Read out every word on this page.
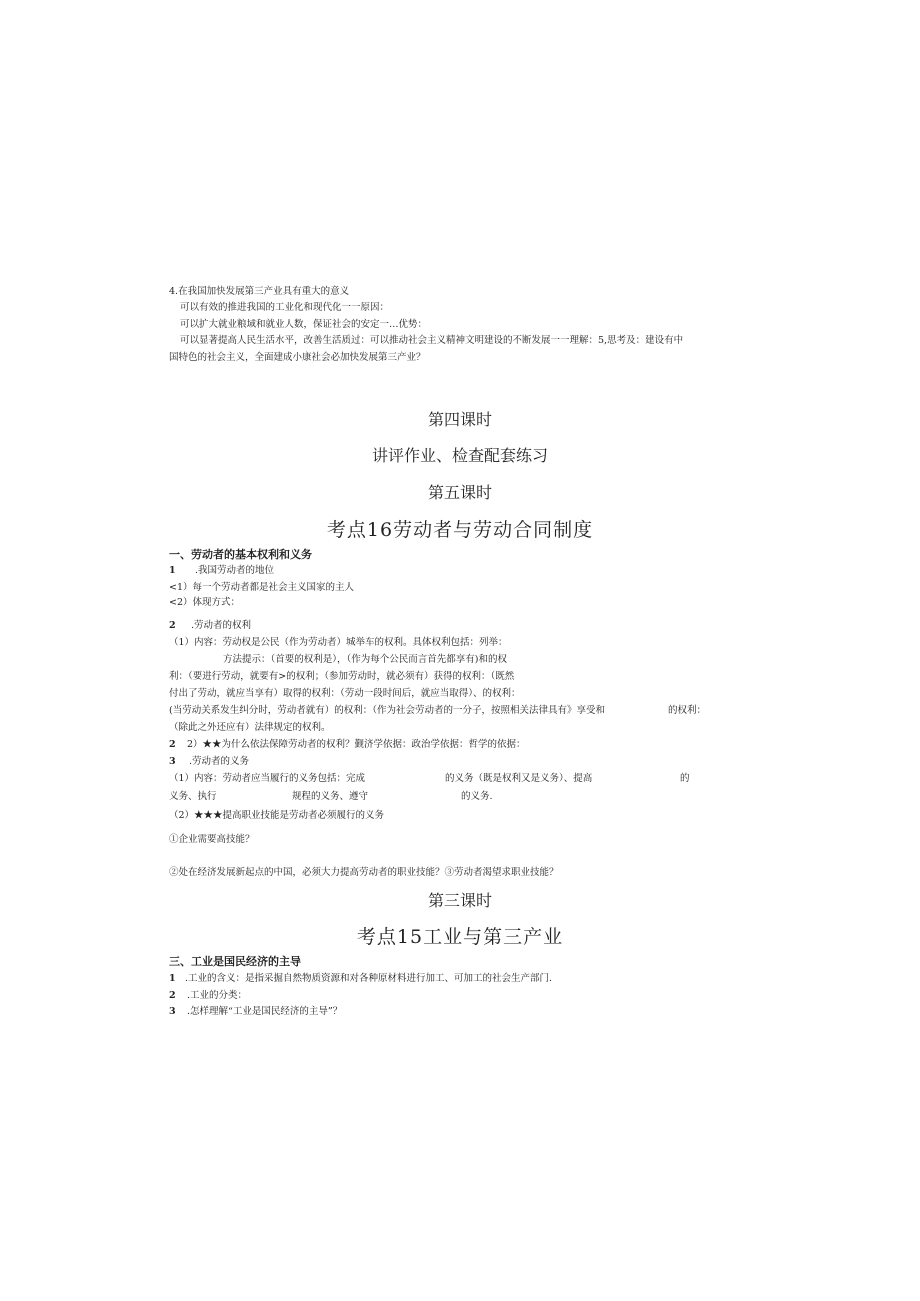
4.在我国加快发展第三产业具有重大的意义
可以有效的推进我国的工业化和现代化一一原因：
可以扩大就业粮域和就业人数，保证社会的安定一…优势：
可以显著提高人民生活水平，改善生活质过：可以推动社会主义精神文明建设的不断发展一一理解：5,思考及：建设有中
国特色的社会主义，全面建成小康社会必加快发展第三产业？
第四课时
讲评作业、检查配套练习
第五课时
考点16劳动者与劳动合同制度
一、劳动者的基本权利和义务
1 .我国劳动者的地位
<1）每一个劳动者都是社会主义国家的主人
<2）体现方式：
2 .劳动者的权利
（1）内容：劳动权是公民（作为劳动者）城举车的权利。具体权利包括：列举：
方法提示：（首要的权利是），（作为每个公民而言首先都享有)和的权
利：（要进行劳动，就要有>的权利；（参加劳动时，就必须有）获得的权利：（既然
付出了劳动，就应当享有）取得的权利：（劳动一段时间后，就应当取得）、的权利：
(当劳动关系发生纠分时，劳动者就有）的权利：（作为社会劳动者的一分子，按照相关法律具有》享受和	的权利：
（除此之外还应有）法律规定的权利。
2 2）★★为什么依法保障劳动者的权利？觐济学依据：政治学依据：哲学的依据：
3 .劳动者的义务
（1）内容：劳动者应当履行的义务包括：完成	的义务（既是权利又是义务）、提高	的
义务、执行	规程的义务、遵守	的义务.
（2）★★★提高职业技能是劳动者必须履行的义务
①企业需要高技能？
②处在经济发展新起点的中国，必须大力提高劳动者的职业技能？③劳动者渴望求职业技能？
第三课时
考点15工业与第三产业
三、工业是国民经济的主导
1 .工业的含义：是指采掘自然物质资源和对各种原材料进行加工、可加工的社会生产部门.
2 .工业的分类：
3 .怎样理解“工业是国民经济的主导”？
